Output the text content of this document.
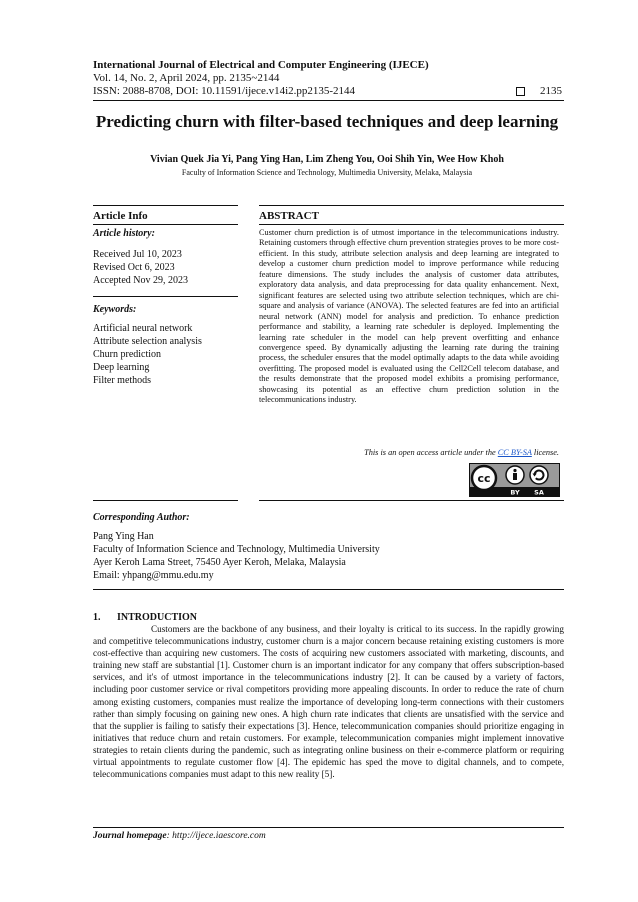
International Journal of Electrical and Computer Engineering (IJECE)
Vol. 14, No. 2, April 2024, pp. 2135~2144
ISSN: 2088-8708, DOI: 10.11591/ijece.v14i2.pp2135-2144	2135
Predicting churn with filter-based techniques and deep learning
Vivian Quek Jia Yi, Pang Ying Han, Lim Zheng You, Ooi Shih Yin, Wee How Khoh
Faculty of Information Science and Technology, Multimedia University, Melaka, Malaysia
Article Info
Article history:
Received Jul 10, 2023
Revised Oct 6, 2023
Accepted Nov 29, 2023
Keywords:
Artificial neural network
Attribute selection analysis
Churn prediction
Deep learning
Filter methods
ABSTRACT
Customer churn prediction is of utmost importance in the telecommunications industry. Retaining customers through effective churn prevention strategies proves to be more cost-efficient. In this study, attribute selection analysis and deep learning are integrated to develop a customer churn prediction model to improve performance while reducing feature dimensions. The study includes the analysis of customer data attributes, exploratory data analysis, and data preprocessing for data quality enhancement. Next, significant features are selected using two attribute selection techniques, which are chi-square and analysis of variance (ANOVA). The selected features are fed into an artificial neural network (ANN) model for analysis and prediction. To enhance prediction performance and stability, a learning rate scheduler is deployed. Implementing the learning rate scheduler in the model can help prevent overfitting and enhance convergence speed. By dynamically adjusting the learning rate during the training process, the scheduler ensures that the model optimally adapts to the data while avoiding overfitting. The proposed model is evaluated using the Cell2Cell telecom database, and the results demonstrate that the proposed model exhibits a promising performance, showcasing its potential as an effective churn prediction solution in the telecommunications industry.
This is an open access article under the CC BY-SA license.
cc
BY SA
Corresponding Author:
Pang Ying Han
Faculty of Information Science and Technology, Multimedia University
Ayer Keroh Lama Street, 75450 Ayer Keroh, Melaka, Malaysia
Email: yhpang@mmu.edu.my
1. INTRODUCTION
Customers are the backbone of any business, and their loyalty is critical to its success. In the rapidly growing and competitive telecommunications industry, customer churn is a major concern because retaining existing customers is more cost-effective than acquiring new customers. The costs of acquiring new customers associated with marketing, discounts, and training new staff are substantial [1]. Customer churn is an important indicator for any company that offers subscription-based services, and it's of utmost importance in the telecommunications industry [2]. It can be caused by a variety of factors, including poor customer service or rival competitors providing more appealing discounts. In order to reduce the rate of churn among existing customers, companies must realize the importance of developing long-term connections with their customers rather than simply focusing on gaining new ones. A high churn rate indicates that clients are unsatisfied with the service and that the supplier is failing to satisfy their expectations [3]. Hence, telecommunication companies should prioritize engaging in initiatives that reduce churn and retain customers. For example, telecommunication companies might implement innovative strategies to retain clients during the pandemic, such as integrating online business on their e-commerce platform or requiring virtual appointments to regulate customer flow [4]. The epidemic has sped the move to digital channels, and to compete, telecommunications companies must adapt to this new reality [5].
Journal homepage: http://ijece.iaescore.com
